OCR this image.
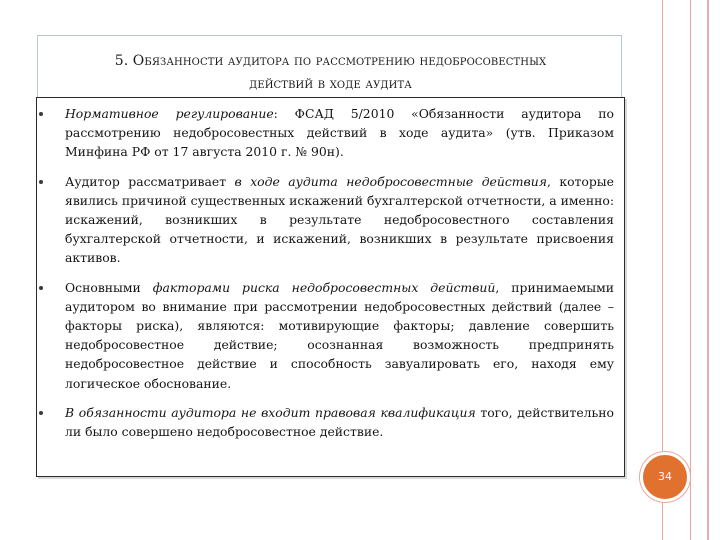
5. Обязанности аудитора по рассмотрению недобросовестных
действий в ходе аудита
Нормативное регулирование: ФСАД 5/2010 «Обязанности аудитора по рассмотрению недобросовестных действий в ходе аудита» (утв. Приказом Минфина РФ от 17 августа 2010 г. № 90н).
Аудитор рассматривает в ходе аудита недобросовестные действия, которые явились причиной существенных искажений бухгалтерской отчетности, а именно: искажений, возникших в результате недобросовестного составления бухгалтерской отчетности, и искажений, возникших в результате присвоения активов.
Основными факторами риска недобросовестных действий, принимаемыми аудитором во внимание при рассмотрении недобросовестных действий (далее – факторы риска), являются: мотивирующие факторы; давление совершить недобросовестное действие; осознанная возможность предпринять недобросовестное действие и способность завуалировать его, находя ему логическое обоснование.
В обязанности аудитора не входит правовая квалификация того, действительно ли было совершено недобросовестное действие.
34
